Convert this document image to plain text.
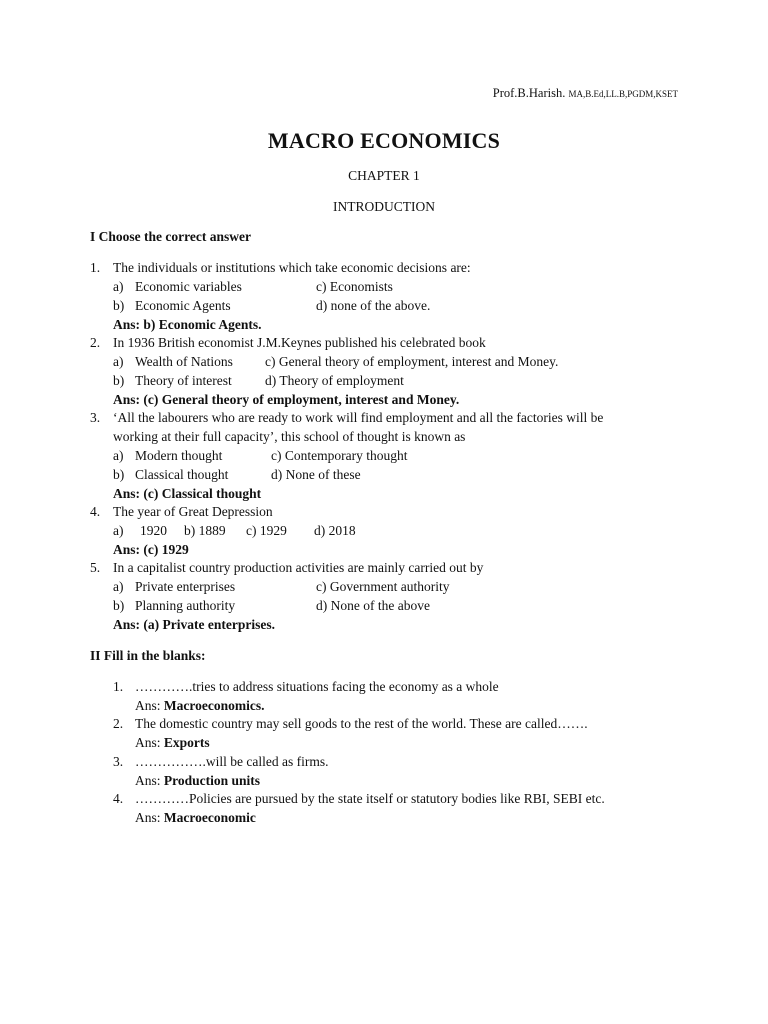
Prof.B.Harish. MA,B.Ed,LL.B,PGDM,KSET
MACRO ECONOMICS
CHAPTER 1
INTRODUCTION
I Choose the correct answer
1. The individuals or institutions which take economic decisions are:
a) Economic variables	c) Economists
b) Economic Agents	d) none of the above.
Ans: b) Economic Agents.
2. In 1936 British economist J.M.Keynes published his celebrated book
a) Wealth of Nations c) General theory of employment, interest and Money.
b) Theory of interest d) Theory of employment
Ans: (c) General theory of employment, interest and Money.
3. ‘All the labourers who are ready to work will find employment and all the factories will be
working at their full capacity’, this school of thought is known as
a) Modern thought	c) Contemporary thought
b) Classical thought	d) None of these
Ans: (c) Classical thought
4. The year of Great Depression
a) 1920 b) 1889 c) 1929 d) 2018
Ans: (c) 1929
5. In a capitalist country production activities are mainly carried out by
a) Private enterprises	c) Government authority
b) Planning authority	d) None of the above
Ans: (a) Private enterprises.
II Fill in the blanks:
1. ………….tries to address situations facing the economy as a whole
Ans: Macroeconomics.
2. The domestic country may sell goods to the rest of the world. These are called…….
Ans: Exports
3. …………….will be called as firms.
Ans: Production units
4. …………Policies are pursued by the state itself or statutory bodies like RBI, SEBI etc.
Ans: Macroeconomic
